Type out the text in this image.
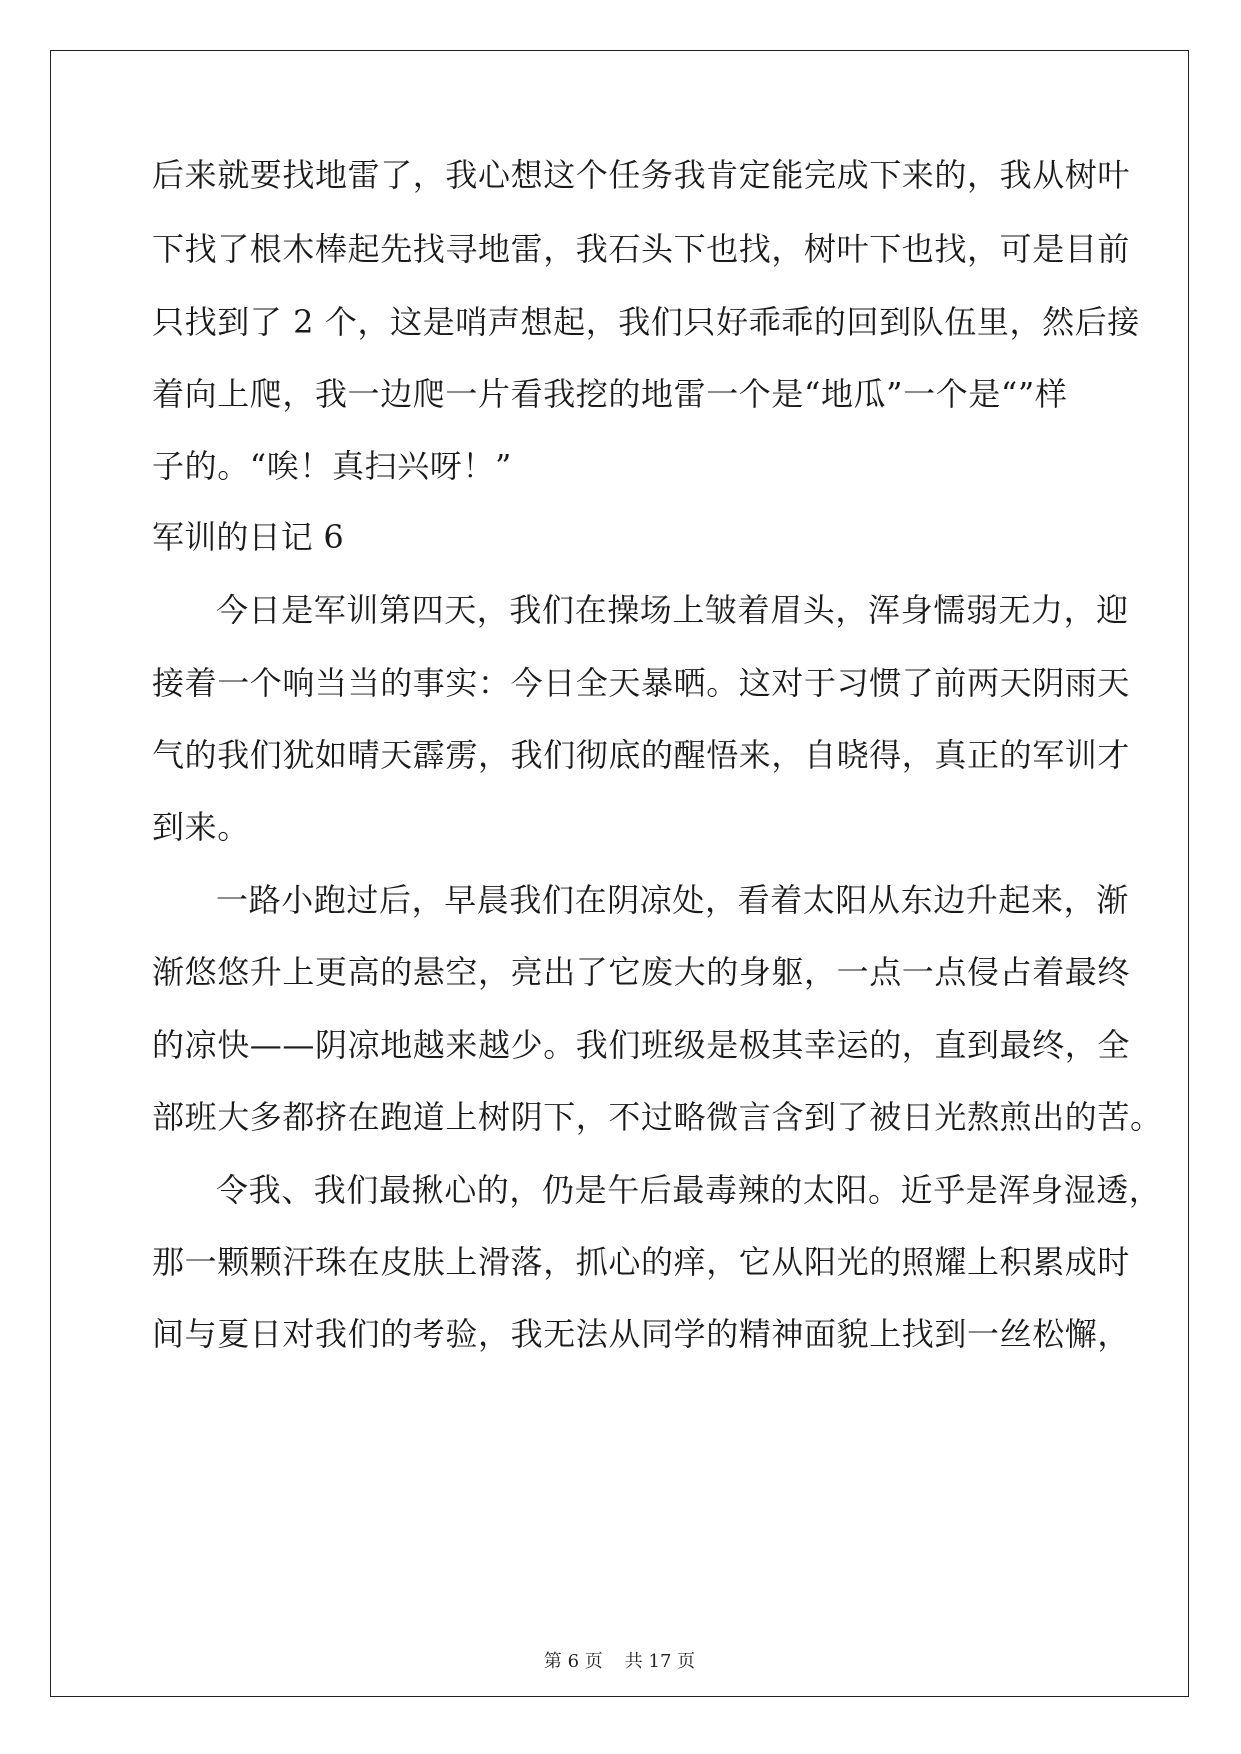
后来就要找地雷了，我心想这个任务我肯定能完成下来的，我从树叶
下找了根木棒起先找寻地雷，我石头下也找，树叶下也找，可是目前
只找到了 2 个，这是哨声想起，我们只好乖乖的回到队伍里，然后接
着向上爬，我一边爬一片看我挖的地雷一个是“地瓜”一个是“”样
子的。“唉！真扫兴呀！”
军训的日记 6
今日是军训第四天，我们在操场上皱着眉头，浑身懦弱无力，迎
接着一个响当当的事实：今日全天暴晒。这对于习惯了前两天阴雨天
气的我们犹如晴天霹雳，我们彻底的醒悟来，自晓得，真正的军训才
到来。
一路小跑过后，早晨我们在阴凉处，看着太阳从东边升起来，渐
渐悠悠升上更高的悬空，亮出了它废大的身躯，一点一点侵占着最终
的凉快——阴凉地越来越少。我们班级是极其幸运的，直到最终，全
部班大多都挤在跑道上树阴下，不过略微言含到了被日光熬煎出的苦。
令我、我们最揪心的，仍是午后最毒辣的太阳。近乎是浑身湿透，
那一颗颗汗珠在皮肤上滑落，抓心的痒，它从阳光的照耀上积累成时
间与夏日对我们的考验，我无法从同学的精神面貌上找到一丝松懈，
第 6 页 共 17 页
